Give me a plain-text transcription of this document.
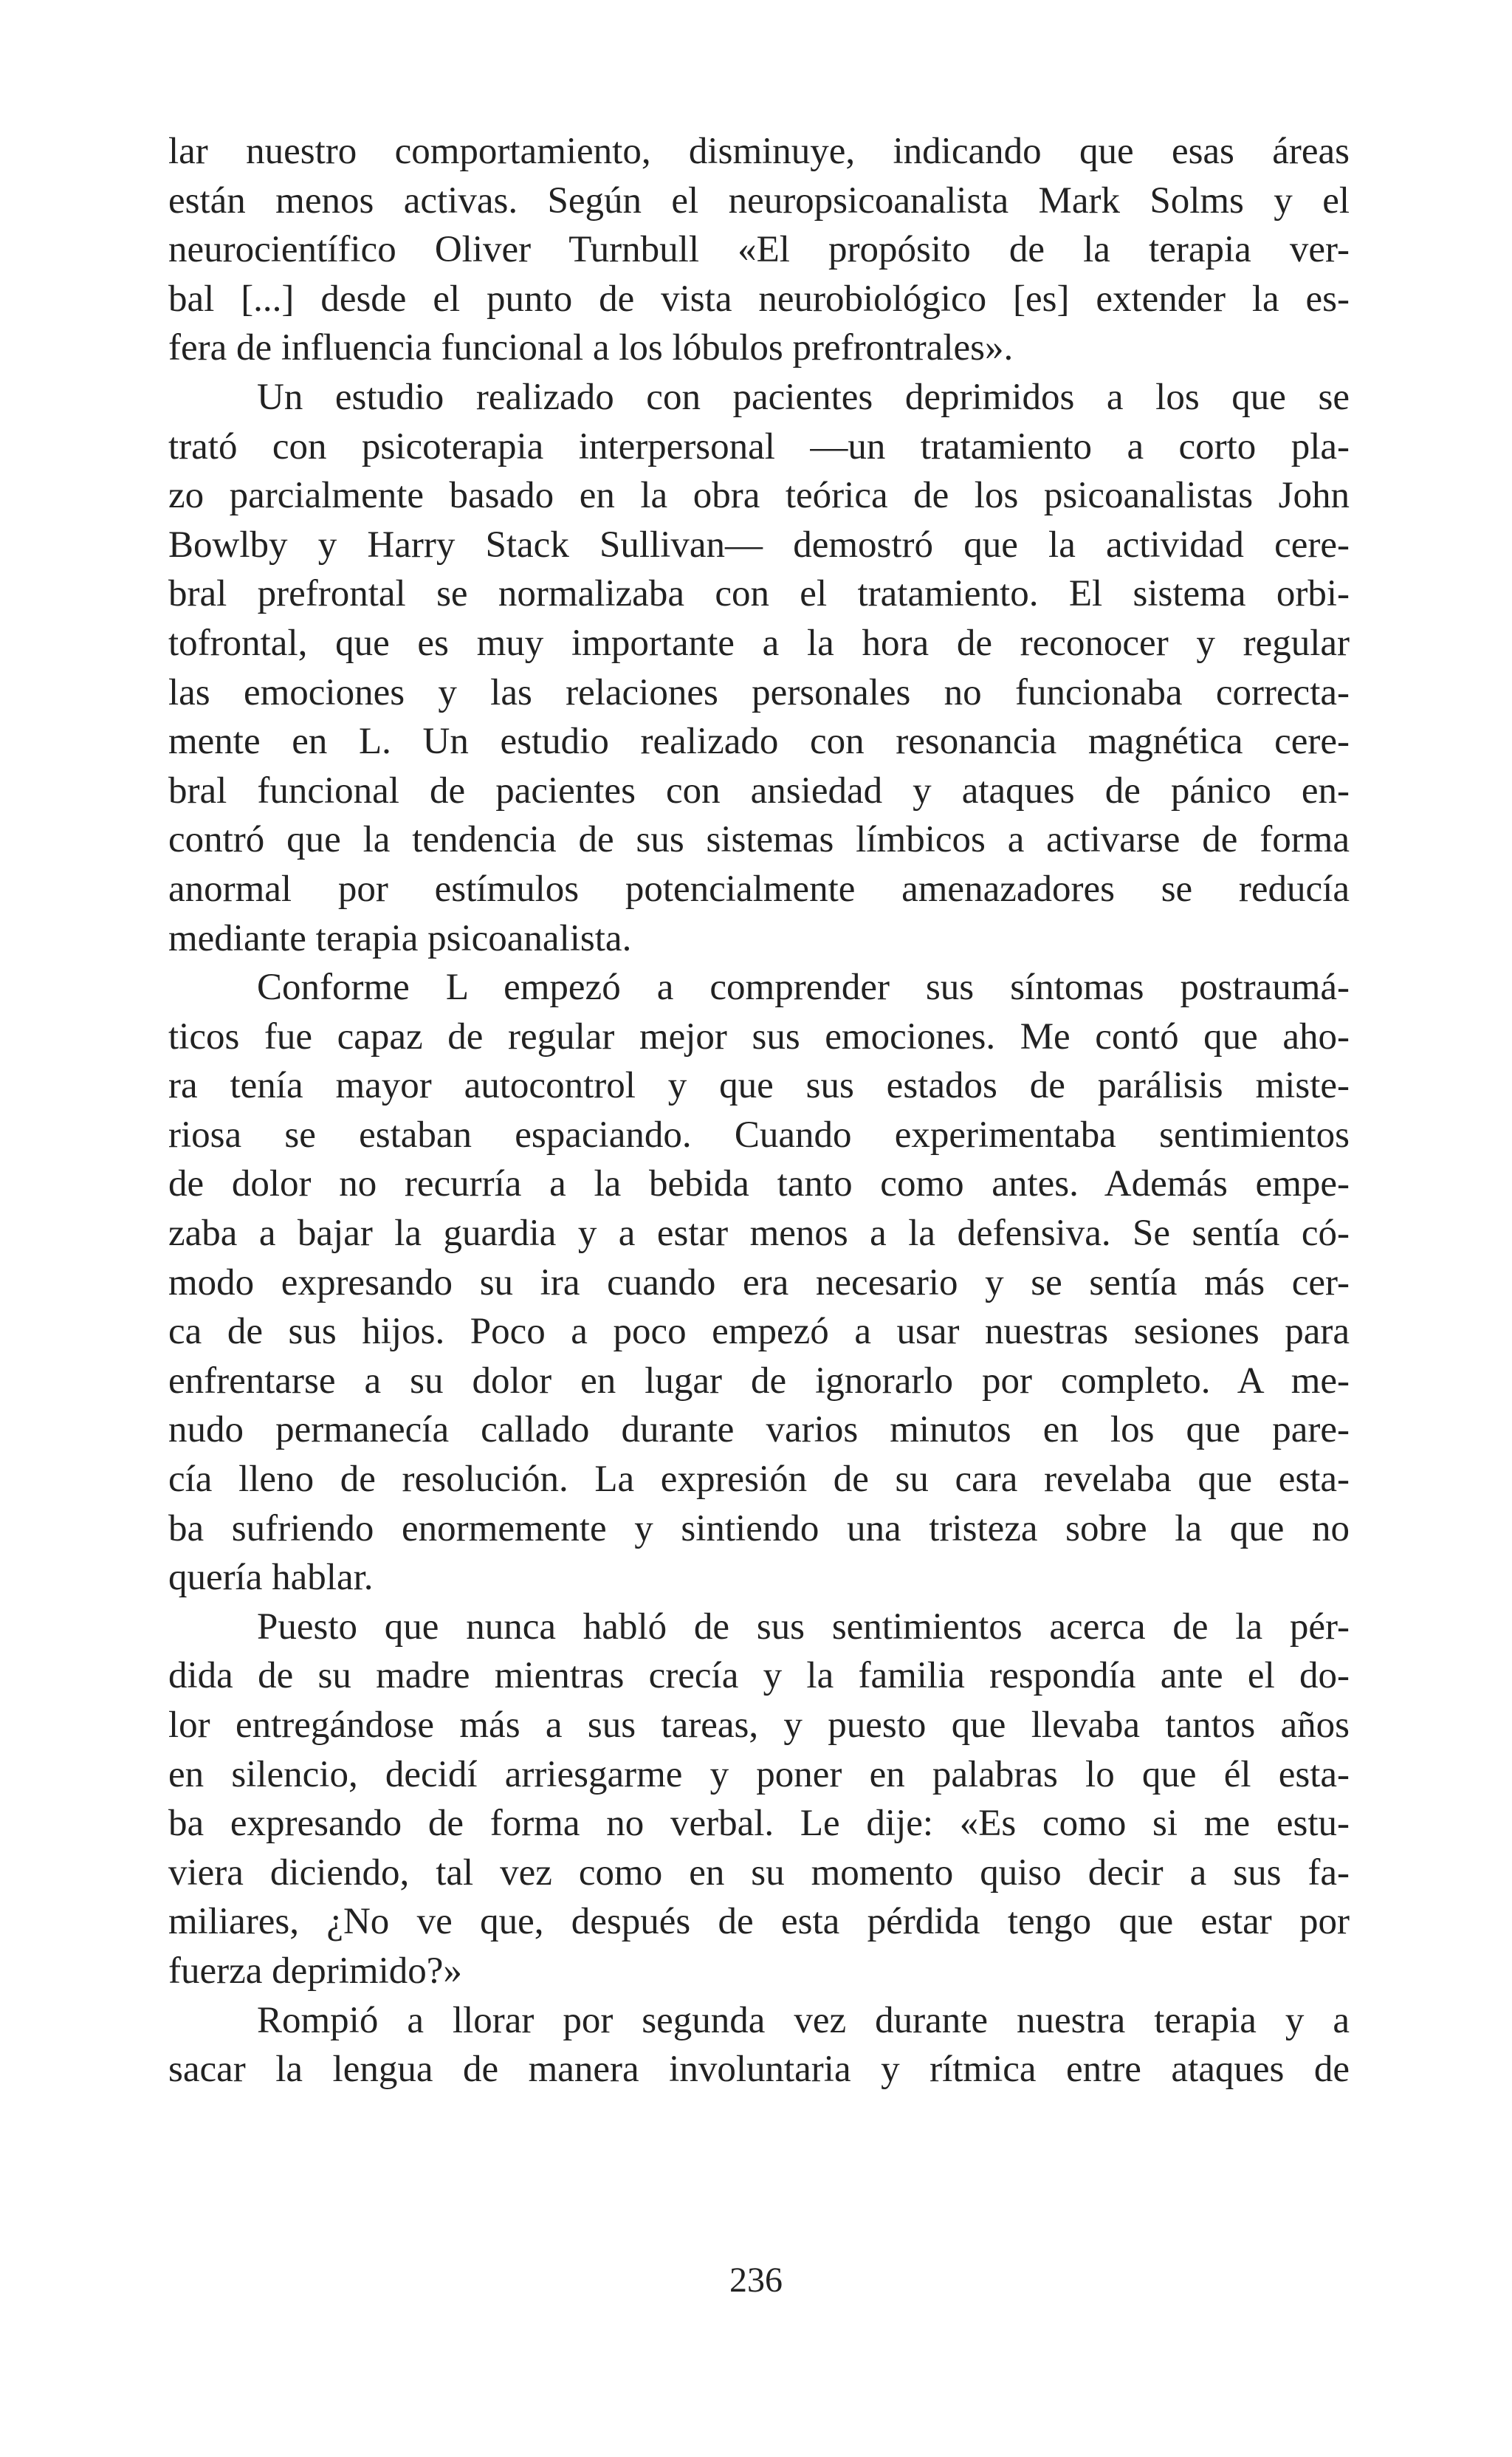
lar nuestro comportamiento, disminuye, indicando que esas áreas
están menos activas. Según el neuropsicoanalista Mark Solms y el
neurocientífico Oliver Turnbull «El propósito de la terapia ver-
bal [...] desde el punto de vista neurobiológico [es] extender la es-
fera de influencia funcional a los lóbulos prefrontrales».

Un estudio realizado con pacientes deprimidos a los que se
trató con psicoterapia interpersonal —un tratamiento a corto pla-
zo parcialmente basado en la obra teórica de los psicoanalistas John
Bowlby y Harry Stack Sullivan— demostró que la actividad cere-
bral prefrontal se normalizaba con el tratamiento. El sistema orbi-
tofrontal, que es muy importante a la hora de reconocer y regular
las emociones y las relaciones personales no funcionaba correcta-
mente en L. Un estudio realizado con resonancia magnética cere-
bral funcional de pacientes con ansiedad y ataques de pánico en-
contró que la tendencia de sus sistemas límbicos a activarse de forma
anormal por estímulos potencialmente amenazadores se reducía
mediante terapia psicoanalista.

Conforme L empezó a comprender sus síntomas postraumá-
ticos fue capaz de regular mejor sus emociones. Me contó que aho-
ra tenía mayor autocontrol y que sus estados de parálisis miste-
riosa se estaban espaciando. Cuando experimentaba sentimientos
de dolor no recurría a la bebida tanto como antes. Además empe-
zaba a bajar la guardia y a estar menos a la defensiva. Se sentía có-
modo expresando su ira cuando era necesario y se sentía más cer-
ca de sus hijos. Poco a poco empezó a usar nuestras sesiones para
enfrentarse a su dolor en lugar de ignorarlo por completo. A me-
nudo permanecía callado durante varios minutos en los que pare-
cía lleno de resolución. La expresión de su cara revelaba que esta-
ba sufriendo enormemente y sintiendo una tristeza sobre la que no
quería hablar.

Puesto que nunca habló de sus sentimientos acerca de la pér-
dida de su madre mientras crecía y la familia respondía ante el do-
lor entregándose más a sus tareas, y puesto que llevaba tantos años
en silencio, decidí arriesgarme y poner en palabras lo que él esta-
ba expresando de forma no verbal. Le dije: «Es como si me estu-
viera diciendo, tal vez como en su momento quiso decir a sus fa-
miliares, ¿No ve que, después de esta pérdida tengo que estar por
fuerza deprimido?»

Rompió a llorar por segunda vez durante nuestra terapia y a
sacar la lengua de manera involuntaria y rítmica entre ataques de

236
